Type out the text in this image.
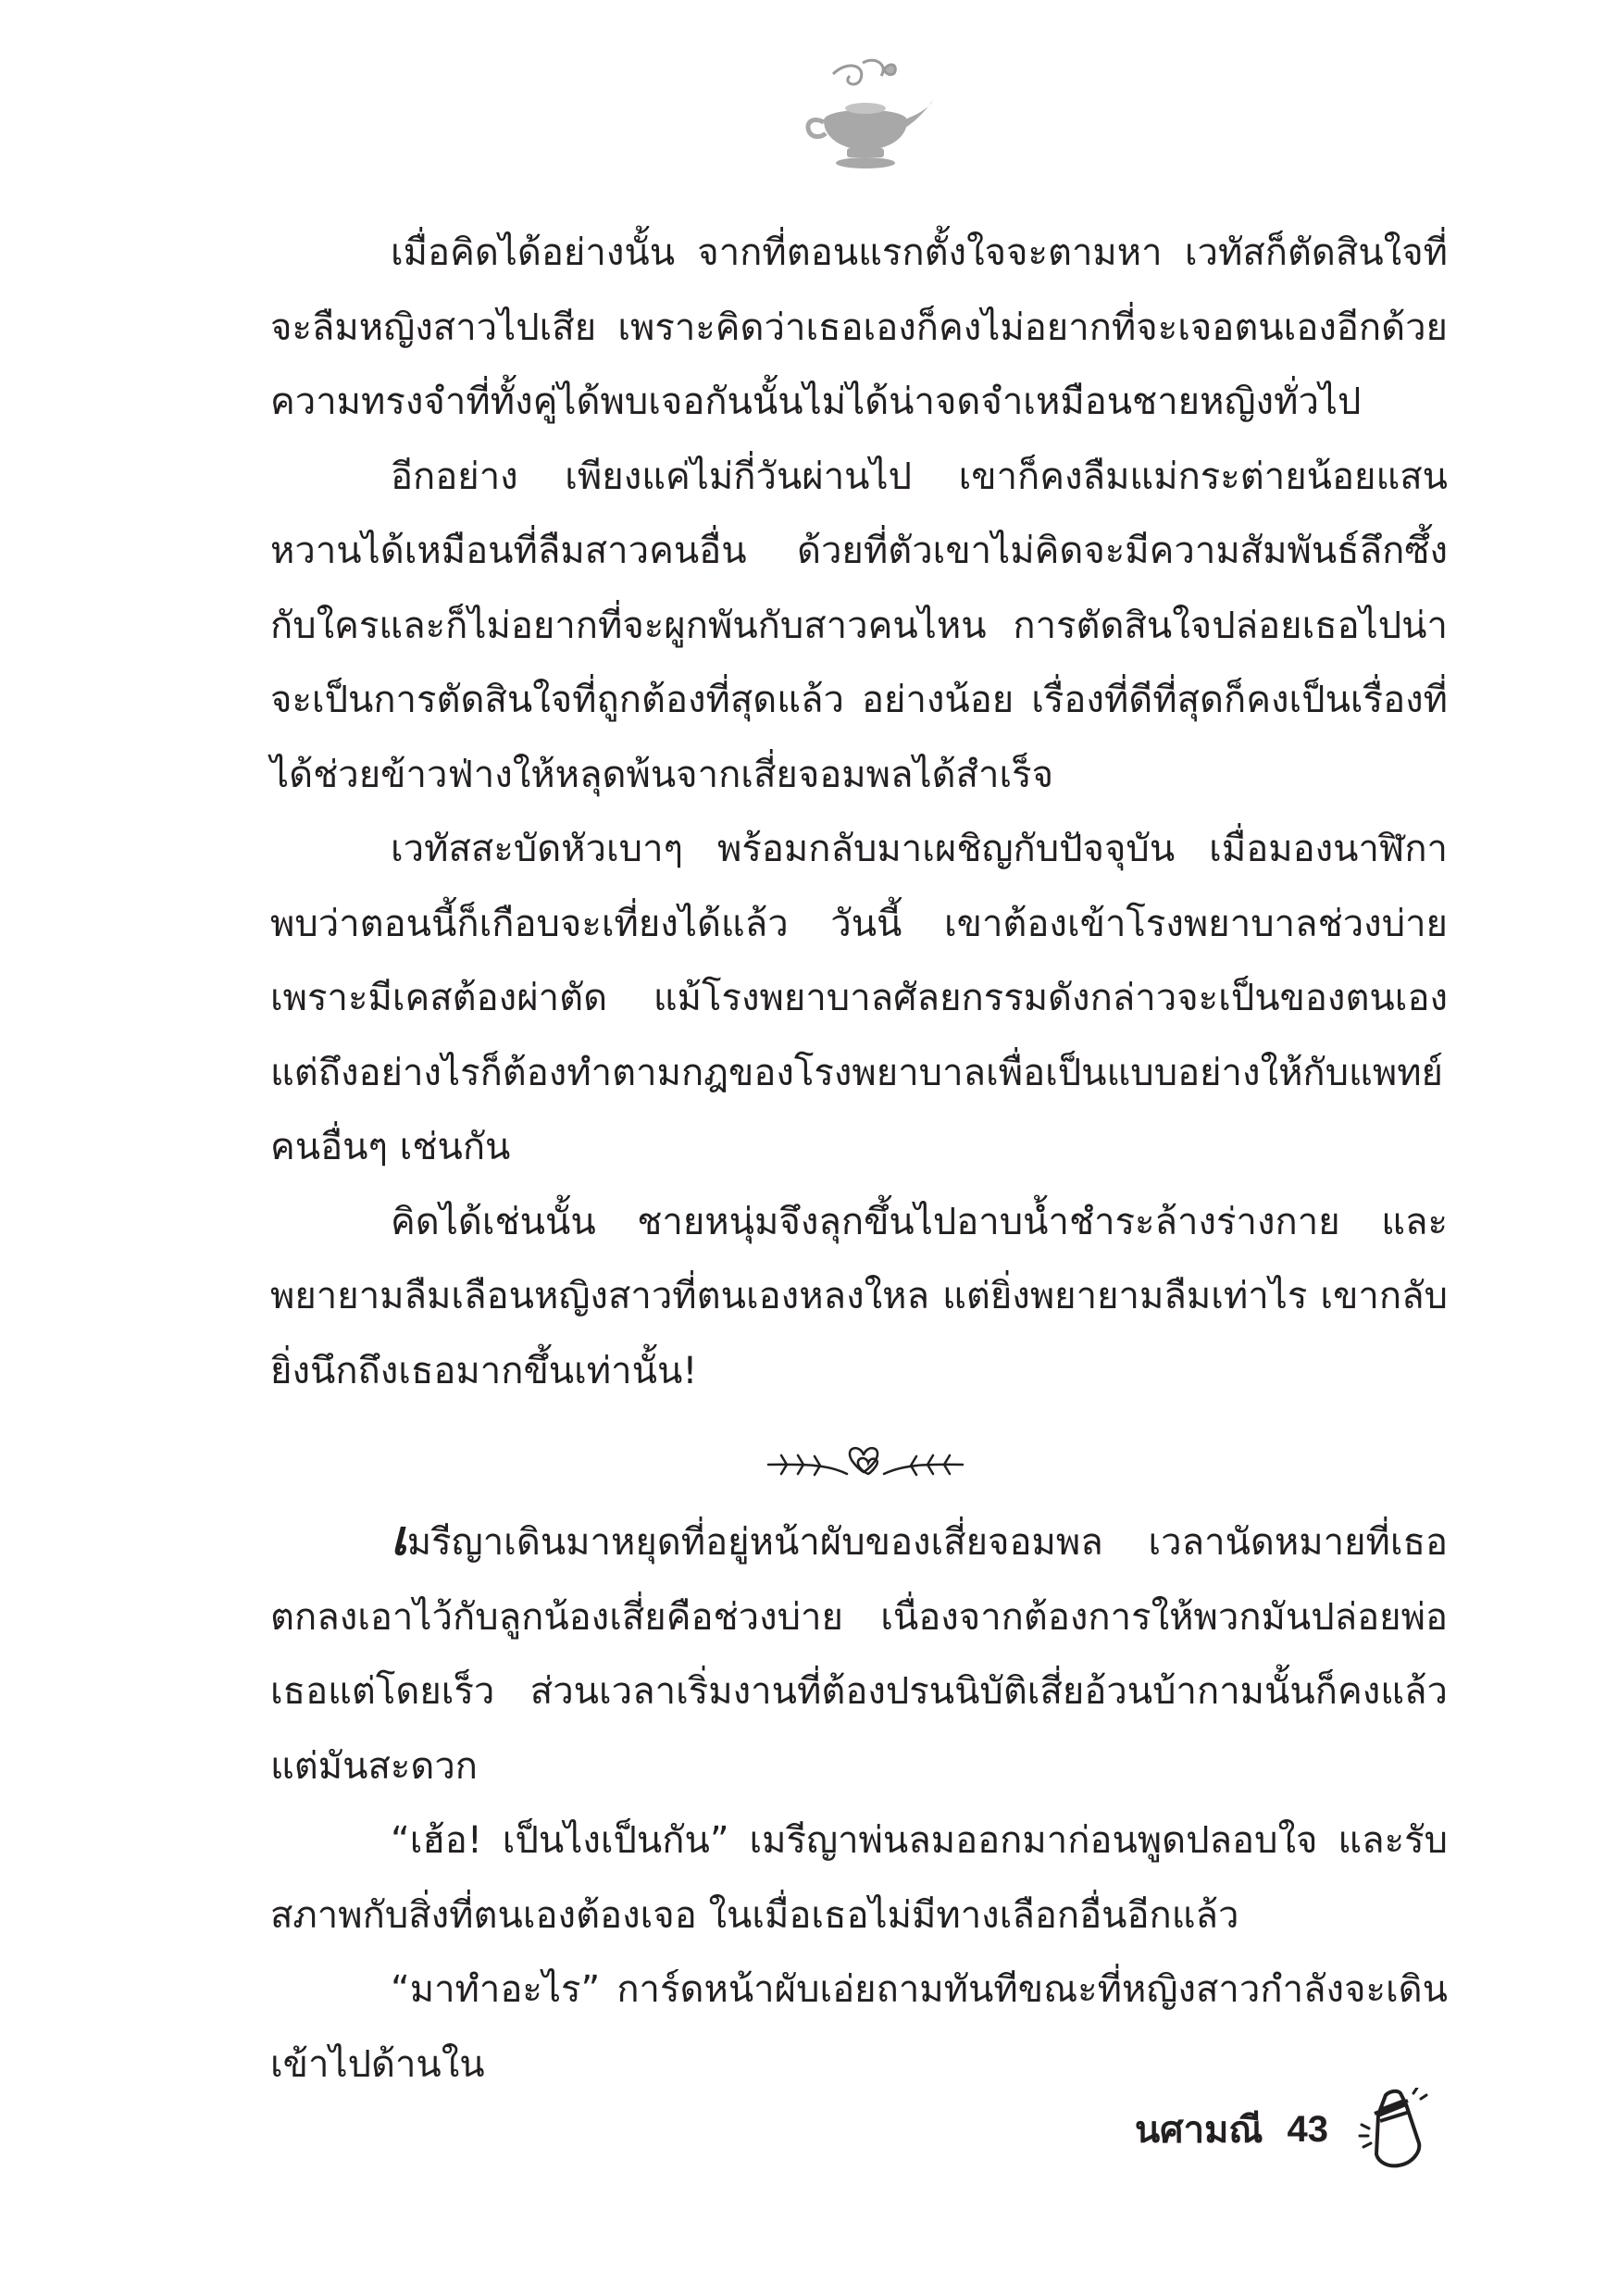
เมื่อคิดได้อย่างนั้น จากที่ตอนแรกตั้งใจจะตามหา เวทัสก็ตัดสินใจที่จะลืมหญิงสาวไปเสีย เพราะคิดว่าเธอเองก็คงไม่อยากที่จะเจอตนเองอีกด้วยความทรงจำที่ทั้งคู่ได้พบเจอกันนั้นไม่ได้น่าจดจำเหมือนชายหญิงทั่วไป

อีกอย่าง เพียงแค่ไม่กี่วันผ่านไป เขาก็คงลืมแม่กระต่ายน้อยแสนหวานได้เหมือนที่ลืมสาวคนอื่น ด้วยที่ตัวเขาไม่คิดจะมีความสัมพันธ์ลึกซึ้งกับใครและก็ไม่อยากที่จะผูกพันกับสาวคนไหน การตัดสินใจปล่อยเธอไปน่าจะเป็นการตัดสินใจที่ถูกต้องที่สุดแล้ว อย่างน้อย เรื่องที่ดีที่สุดก็คงเป็นเรื่องที่ได้ช่วยข้าวฟ่างให้หลุดพ้นจากเสี่ยจอมพลได้สำเร็จ

เวทัสสะบัดหัวเบาๆ พร้อมกลับมาเผชิญกับปัจจุบัน เมื่อมองนาฬิกาพบว่าตอนนี้ก็เกือบจะเที่ยงได้แล้ว วันนี้ เขาต้องเข้าโรงพยาบาลช่วงบ่ายเพราะมีเคสต้องผ่าตัด แม้โรงพยาบาลศัลยกรรมดังกล่าวจะเป็นของตนเองแต่ถึงอย่างไรก็ต้องทำตามกฎของโรงพยาบาลเพื่อเป็นแบบอย่างให้กับแพทย์คนอื่นๆ เช่นกัน

คิดได้เช่นนั้น ชายหนุ่มจึงลุกขึ้นไปอาบน้ำชำระล้างร่างกาย และพยายามลืมเลือนหญิงสาวที่ตนเองหลงใหล แต่ยิ่งพยายามลืมเท่าไร เขากลับยิ่งนึกถึงเธอมากขึ้นเท่านั้น!

เมรีญาเดินมาหยุดที่อยู่หน้าผับของเสี่ยจอมพล เวลานัดหมายที่เธอตกลงเอาไว้กับลูกน้องเสี่ยคือช่วงบ่าย เนื่องจากต้องการให้พวกมันปล่อยพ่อเธอแต่โดยเร็ว ส่วนเวลาเริ่มงานที่ต้องปรนนิบัติเสี่ยอ้วนบ้ากามนั้นก็คงแล้วแต่มันสะดวก

“เฮ้อ! เป็นไงเป็นกัน” เมรีญาพ่นลมออกมาก่อนพูดปลอบใจ และรับสภาพกับสิ่งที่ตนเองต้องเจอ ในเมื่อเธอไม่มีทางเลือกอื่นอีกแล้ว

“มาทำอะไร” การ์ดหน้าผับเอ่ยถามทันทีขณะที่หญิงสาวกำลังจะเดินเข้าไปด้านใน

นศามณี 43
